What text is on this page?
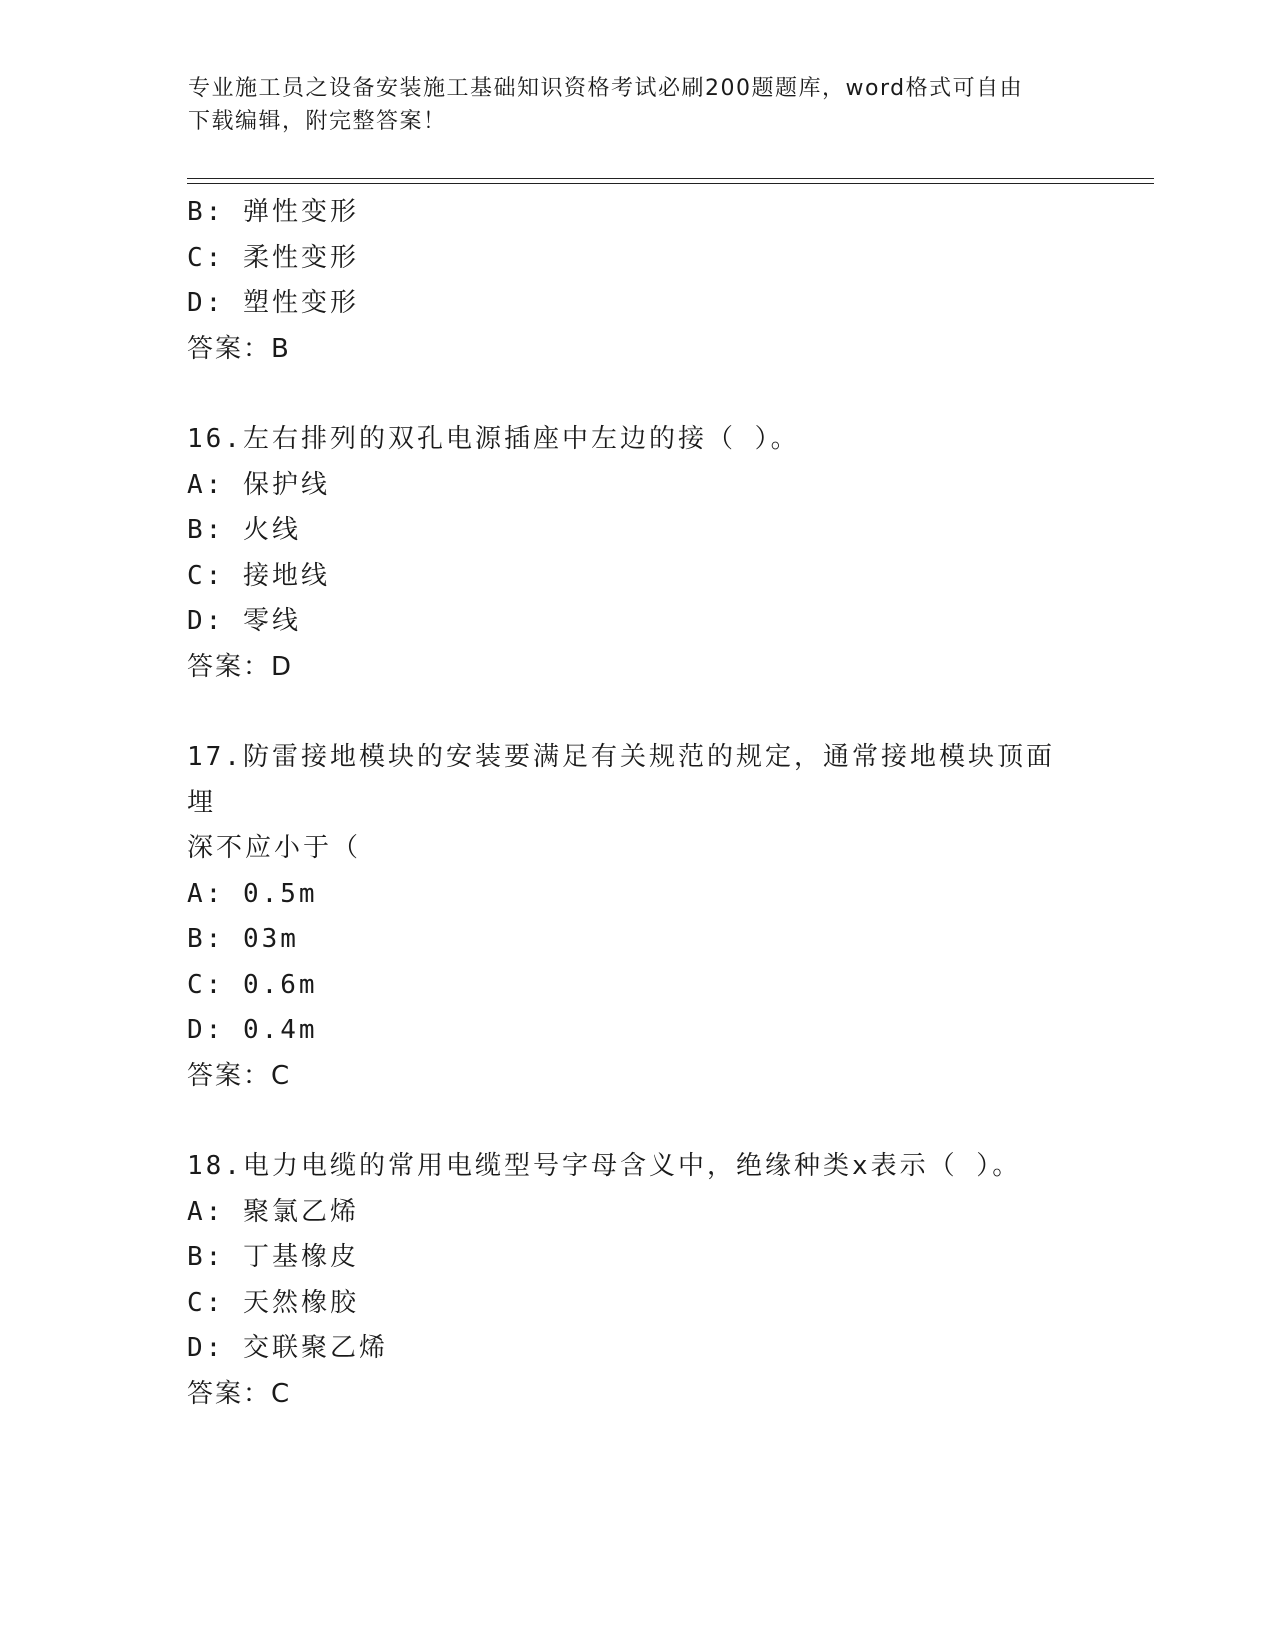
专业施工员之设备安装施工基础知识资格考试必刷200题题库，word格式可自由
下载编辑，附完整答案！
B: 弹性变形
C: 柔性变形
D: 塑性变形
答案：B
16.左右排列的双孔电源插座中左边的接（ ）。
A: 保护线
B: 火线
C: 接地线
D: 零线
答案：D
17.防雷接地模块的安装要满足有关规范的规定，通常接地模块顶面埋
深不应小于（
A: 0.5m
B: 03m
C: 0.6m
D: 0.4m
答案：C
18.电力电缆的常用电缆型号字母含义中，绝缘种类x表示（ ）。
A: 聚氯乙烯
B: 丁基橡皮
C: 天然橡胶
D: 交联聚乙烯
答案：C
